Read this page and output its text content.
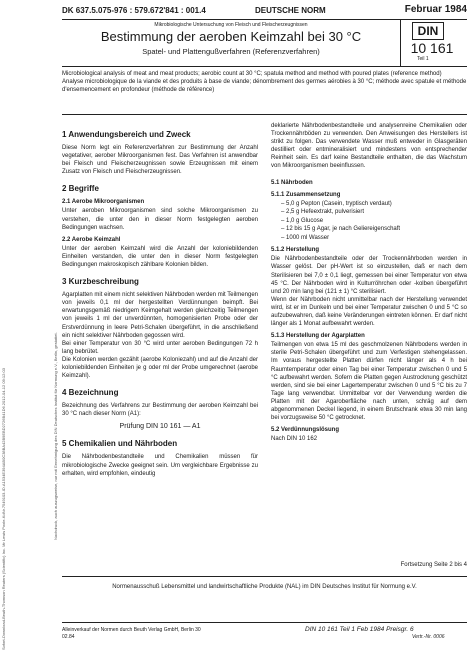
DK 637.5.075-976 : 579.672'841 : 001.4	DEUTSCHE NORM	Februar 1984
Mikrobiologische Untersuchung von Fleisch und Fleischerzeugnissen
Bestimmung der aeroben Keimzahl bei 30 °C
Spatel- und Plattengußverfahren (Referenzverfahren)
DIN
10 161
Teil 1
Microbiological analysis of meat and meat products; aerobic count at 30 °C; spatula method and method with poured plates (reference method)
Analyse microbiologique de la viande et des produits à base de viande; dénombrement des germes aérobies à 30 °C; méthode avec spatule et méthode d'ensemencement en profondeur (méthode de référence)

1 Anwendungsbereich und Zweck

Diese Norm legt ein Referenzverfahren zur Bestimmung der Anzahl vegetativer, aerober Mikroorganismen fest. Das Verfahren ist anwendbar bei Fleisch und Fleischerzeugnissen sowie Erzeugnissen mit einem Zusatz von Fleisch und Fleischerzeugnissen.

2 Begriffe

2.1 Aerobe Mikroorganismen

Unter aeroben Mikroorganismen sind solche Mikroorganismen zu verstehen, die unter den in dieser Norm festgelegten aeroben Bedingungen wachsen.

2.2 Aerobe Keimzahl

Unter der aeroben Keimzahl wird die Anzahl der koloniebildenden Einheiten verstanden, die unter den in dieser Norm festgelegten Bedingungen makroskopisch zählbare Kolonien bilden.

3 Kurzbeschreibung

Agarplatten mit einem nicht selektiven Nährboden werden mit Teilmengen von jeweils 0,1 ml der hergestellten Verdünnungen beimpft. Bei erwartungsgemäß niedrigem Keimgehalt werden gleichzeitig Teilmengen von jeweils 1 ml der unverdünnten, homogenisierten Probe oder der Erstverdünnung in leere Petri-Schalen übergeführt, in die anschließend ein nicht selektiver Nährboden gegossen wird.

Bei einer Temperatur von 30 °C wird unter aeroben Bedingungen 72 h lang bebrütet.

Die Kolonien werden gezählt (aerobe Koloniezahl) und auf die Anzahl der koloniebildenden Einheiten je g oder ml der Probe umgerechnet (aerobe Keimzahl).

4 Bezeichnung

Bezeichnung des Verfahrens zur Bestimmung der aeroben Keimzahl bei 30 °C nach dieser Norm (A1):

Prüfung DIN 10 161 — A1

5 Chemikalien und Nährboden

Die Nährbodenbestandteile und Chemikalien müssen für mikrobiologische Zwecke geeignet sein. Um vergleichbare Ergebnisse zu erhalten, wird empfohlen, eindeutig

deklarierte Nährbodenbestandteile und analysenreine Chemikalien oder Trockennährböden zu verwenden. Den Anweisungen des Herstellers ist strikt zu folgen. Das verwendete Wasser muß entweder in Glasgeräten destilliert oder entmineralisiert und mindestens von entsprechender Reinheit sein. Es darf keine Bestandteile enthalten, die das Wachstum von Mikroorganismen beeinflussen.

5.1 Nährboden

5.1.1 Zusammensetzung

– 5,0 g Pepton (Casein, tryptisch verdaut)
– 2,5 g Hefeextrakt, pulverisiert
– 1,0 g Glucose
– 12 bis 15 g Agar, je nach Geliereigenschaft
– 1000 ml Wasser

5.1.2 Herstellung

Die Nährbodenbestandteile oder der Trockennährboden werden in Wasser gelöst. Der pH-Wert ist so einzustellen, daß er nach dem Sterilisieren bei 7,0 ± 0,1 liegt, gemessen bei einer Temperatur von etwa 45 °C. Der Nährboden wird in Kulturröhrchen oder -kolben übergeführt und 20 min lang bei (121 ± 1) °C sterilisiert.

Wenn der Nährboden nicht unmittelbar nach der Herstellung verwendet wird, ist er im Dunkeln und bei einer Temperatur zwischen 0 und 5 °C so aufzubewahren, daß keine Veränderungen eintreten können. Er darf nicht länger als 1 Monat aufbewahrt werden.

5.1.3 Herstellung der Agarplatten

Teilmengen von etwa 15 ml des geschmolzenen Nährbodens werden in sterile Petri-Schalen übergeführt und zum Verfestigen stehengelassen. Im voraus hergestellte Platten dürfen nicht länger als 4 h bei Raumtemperatur oder einen Tag bei einer Temperatur zwischen 0 und 5 °C aufbewahrt werden. Sofern die Platten gegen Austrocknung geschützt werden, sind sie bei einer Lagertemperatur zwischen 0 und 5 °C bis zu 7 Tage lang verwendbar. Unmittelbar vor der Verwendung werden die Platten mit der Agaroberfläche nach unten, schräg auf dem abgenommenen Deckel liegend, in einem Brutschrank etwa 30 min lang bei vorzugsweise 50 °C getrocknet.

5.2 Verdünnungslösung

Nach DIN 10 162

Fortsetzung Seite 2 bis 4
Normenausschuß Lebensmittel und landwirtschaftliche Produkte (NAL) im DIN Deutsches Institut für Normung e.V.
Alleinverkauf der Normen durch Beuth Verlag GmbH, Berlin 30
02.84
DIN 10 161 Teil 1 Feb 1984 Preisgr. 6
Vertr.-Nr. 0006
Sofort-Download-Beuth-Thomson Reuters (Scientific) Inc. Mr Lewis Poole-KdNr.7549103-ID.A1534E394AB0C38BA42B9EBD2726B41D6.2012-04-12 09:12:03	Nachdruck, auch auszugsweise, nur mit Genehmigung des DIN Deutsches Institut für Normung e.V., Berlin, gestattet.
